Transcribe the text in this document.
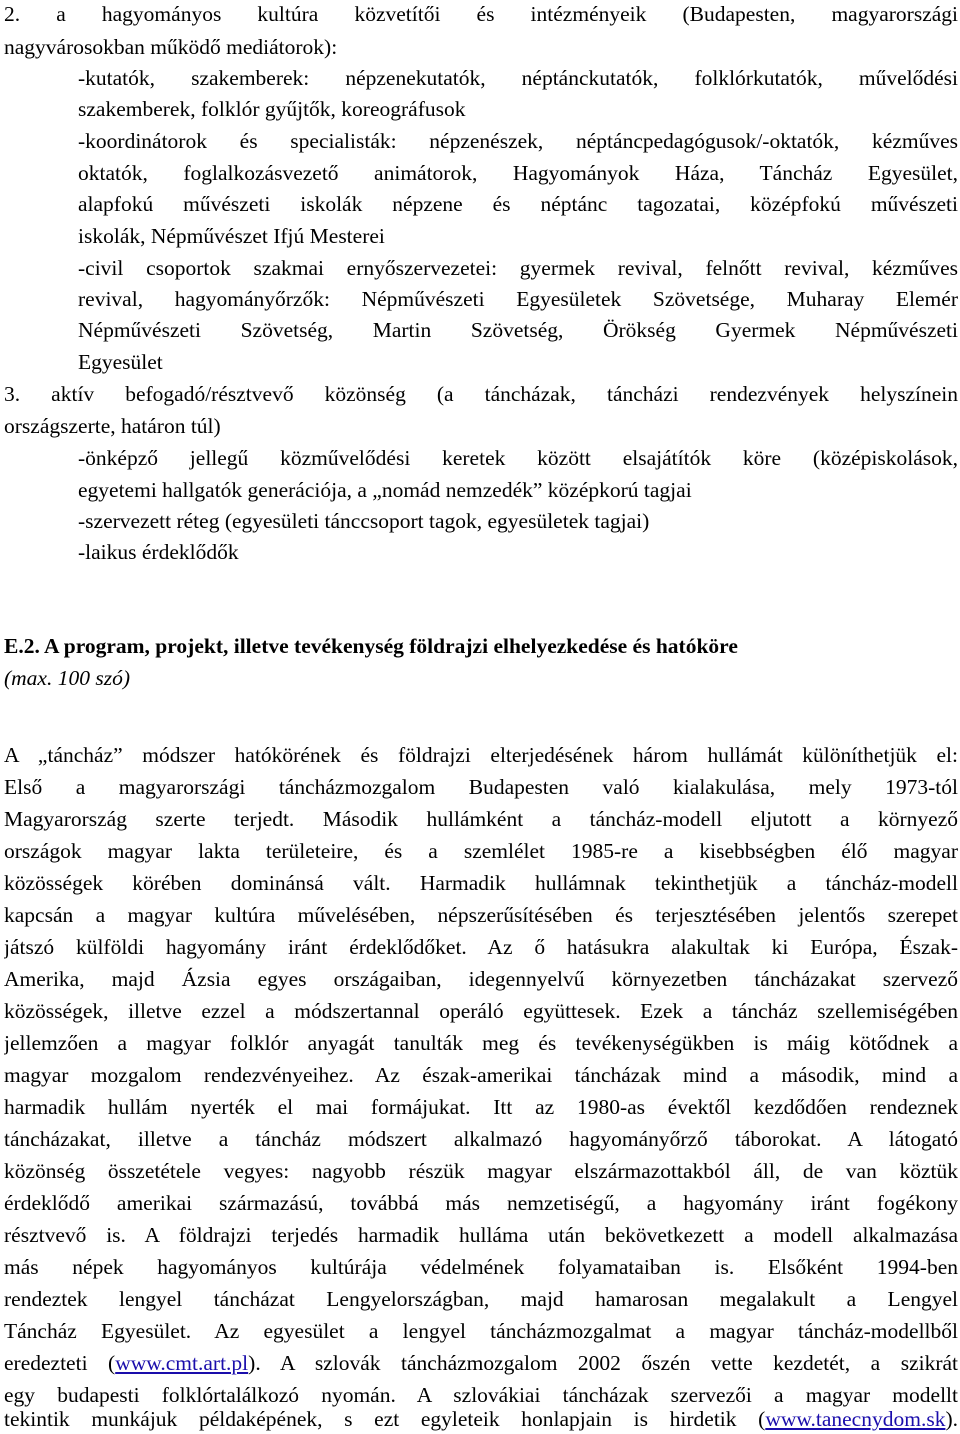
2. a hagyományos kultúra közvetítői és intézményeik (Budapesten, magyarországi
nagyvárosokban működő mediátorok):
-kutatók, szakemberek: népzenekutatók, néptánckutatók, folklórkutatók, művelődési
szakemberek, folklór gyűjtők, koreográfusok
-koordinátorok és specialisták: népzenészek, néptáncpedagógusok/-oktatók, kézműves
oktatók, foglalkozásvezető animátorok, Hagyományok Háza, Táncház Egyesület,
alapfokú művészeti iskolák népzene és néptánc tagozatai, középfokú művészeti
iskolák, Népművészet Ifjú Mesterei
-civil csoportok szakmai ernyőszervezetei: gyermek revival, felnőtt revival, kézműves
revival, hagyományőrzők: Népművészeti Egyesületek Szövetsége, Muharay Elemér
Népművészeti Szövetség, Martin Szövetség, Örökség Gyermek Népművészeti
Egyesület
3. aktív befogadó/résztvevő közönség (a táncházak, táncházi rendezvények helyszínein
országszerte, határon túl)
-önképző jellegű közművelődési keretek között elsajátítók köre (középiskolások,
egyetemi hallgatók generációja, a „nomád nemzedék” középkorú tagjai
-szervezett réteg (egyesületi tánccsoport tagok, egyesületek tagjai)
-laikus érdeklődők
E.2. A program, projekt, illetve tevékenység földrajzi elhelyezkedése és hatóköre
(max. 100 szó)
A „táncház” módszer hatókörének és földrajzi elterjedésének három hullámát különíthetjük el:
Első a magyarországi táncházmozgalom Budapesten való kialakulása, mely 1973-tól
Magyarország szerte terjedt. Második hullámként a táncház-modell eljutott a környező
országok magyar lakta területeire, és a szemlélet 1985-re a kisebbségben élő magyar
közösségek körében dominánsá vált. Harmadik hullámnak tekinthetjük a táncház-modell
kapcsán a magyar kultúra művelésében, népszerűsítésében és terjesztésében jelentős szerepet
játszó külföldi hagyomány iránt érdeklődőket. Az ő hatásukra alakultak ki Európa, Észak-
Amerika, majd Ázsia egyes országaiban, idegennyelvű környezetben táncházakat szervező
közösségek, illetve ezzel a módszertannal operáló együttesek. Ezek a táncház szellemiségében
jellemzően a magyar folklór anyagát tanulták meg és tevékenységükben is máig kötődnek a
magyar mozgalom rendezvényeihez. Az észak-amerikai táncházak mind a második, mind a
harmadik hullám nyerték el mai formájukat. Itt az 1980-as évektől kezdődően rendeznek
táncházakat, illetve a táncház módszert alkalmazó hagyományőrző táborokat. A látogató
közönség összetétele vegyes: nagyobb részük magyar elszármazottakból áll, de van köztük
érdeklődő amerikai származású, továbbá más nemzetiségű, a hagyomány iránt fogékony
résztvevő is. A földrajzi terjedés harmadik hulláma után bekövetkezett a modell alkalmazása
más népek hagyományos kultúrája védelmének folyamataiban is. Elsőként 1994-ben
rendeztek lengyel táncházat Lengyelországban, majd hamarosan megalakult a Lengyel
Táncház Egyesület. Az egyesület a lengyel táncházmozgalmat a magyar táncház-modellből
eredezteti (www.cmt.art.pl). A szlovák táncházmozgalom 2002 őszén vette kezdetét, a szikrát
egy budapesti folklórtalálkozó nyomán. A szlovákiai táncházak szervezői a magyar modellt
tekintik munkájuk példaképének, s ezt egyleteik honlapjain is hirdetik (www.tanecnydom.sk).
